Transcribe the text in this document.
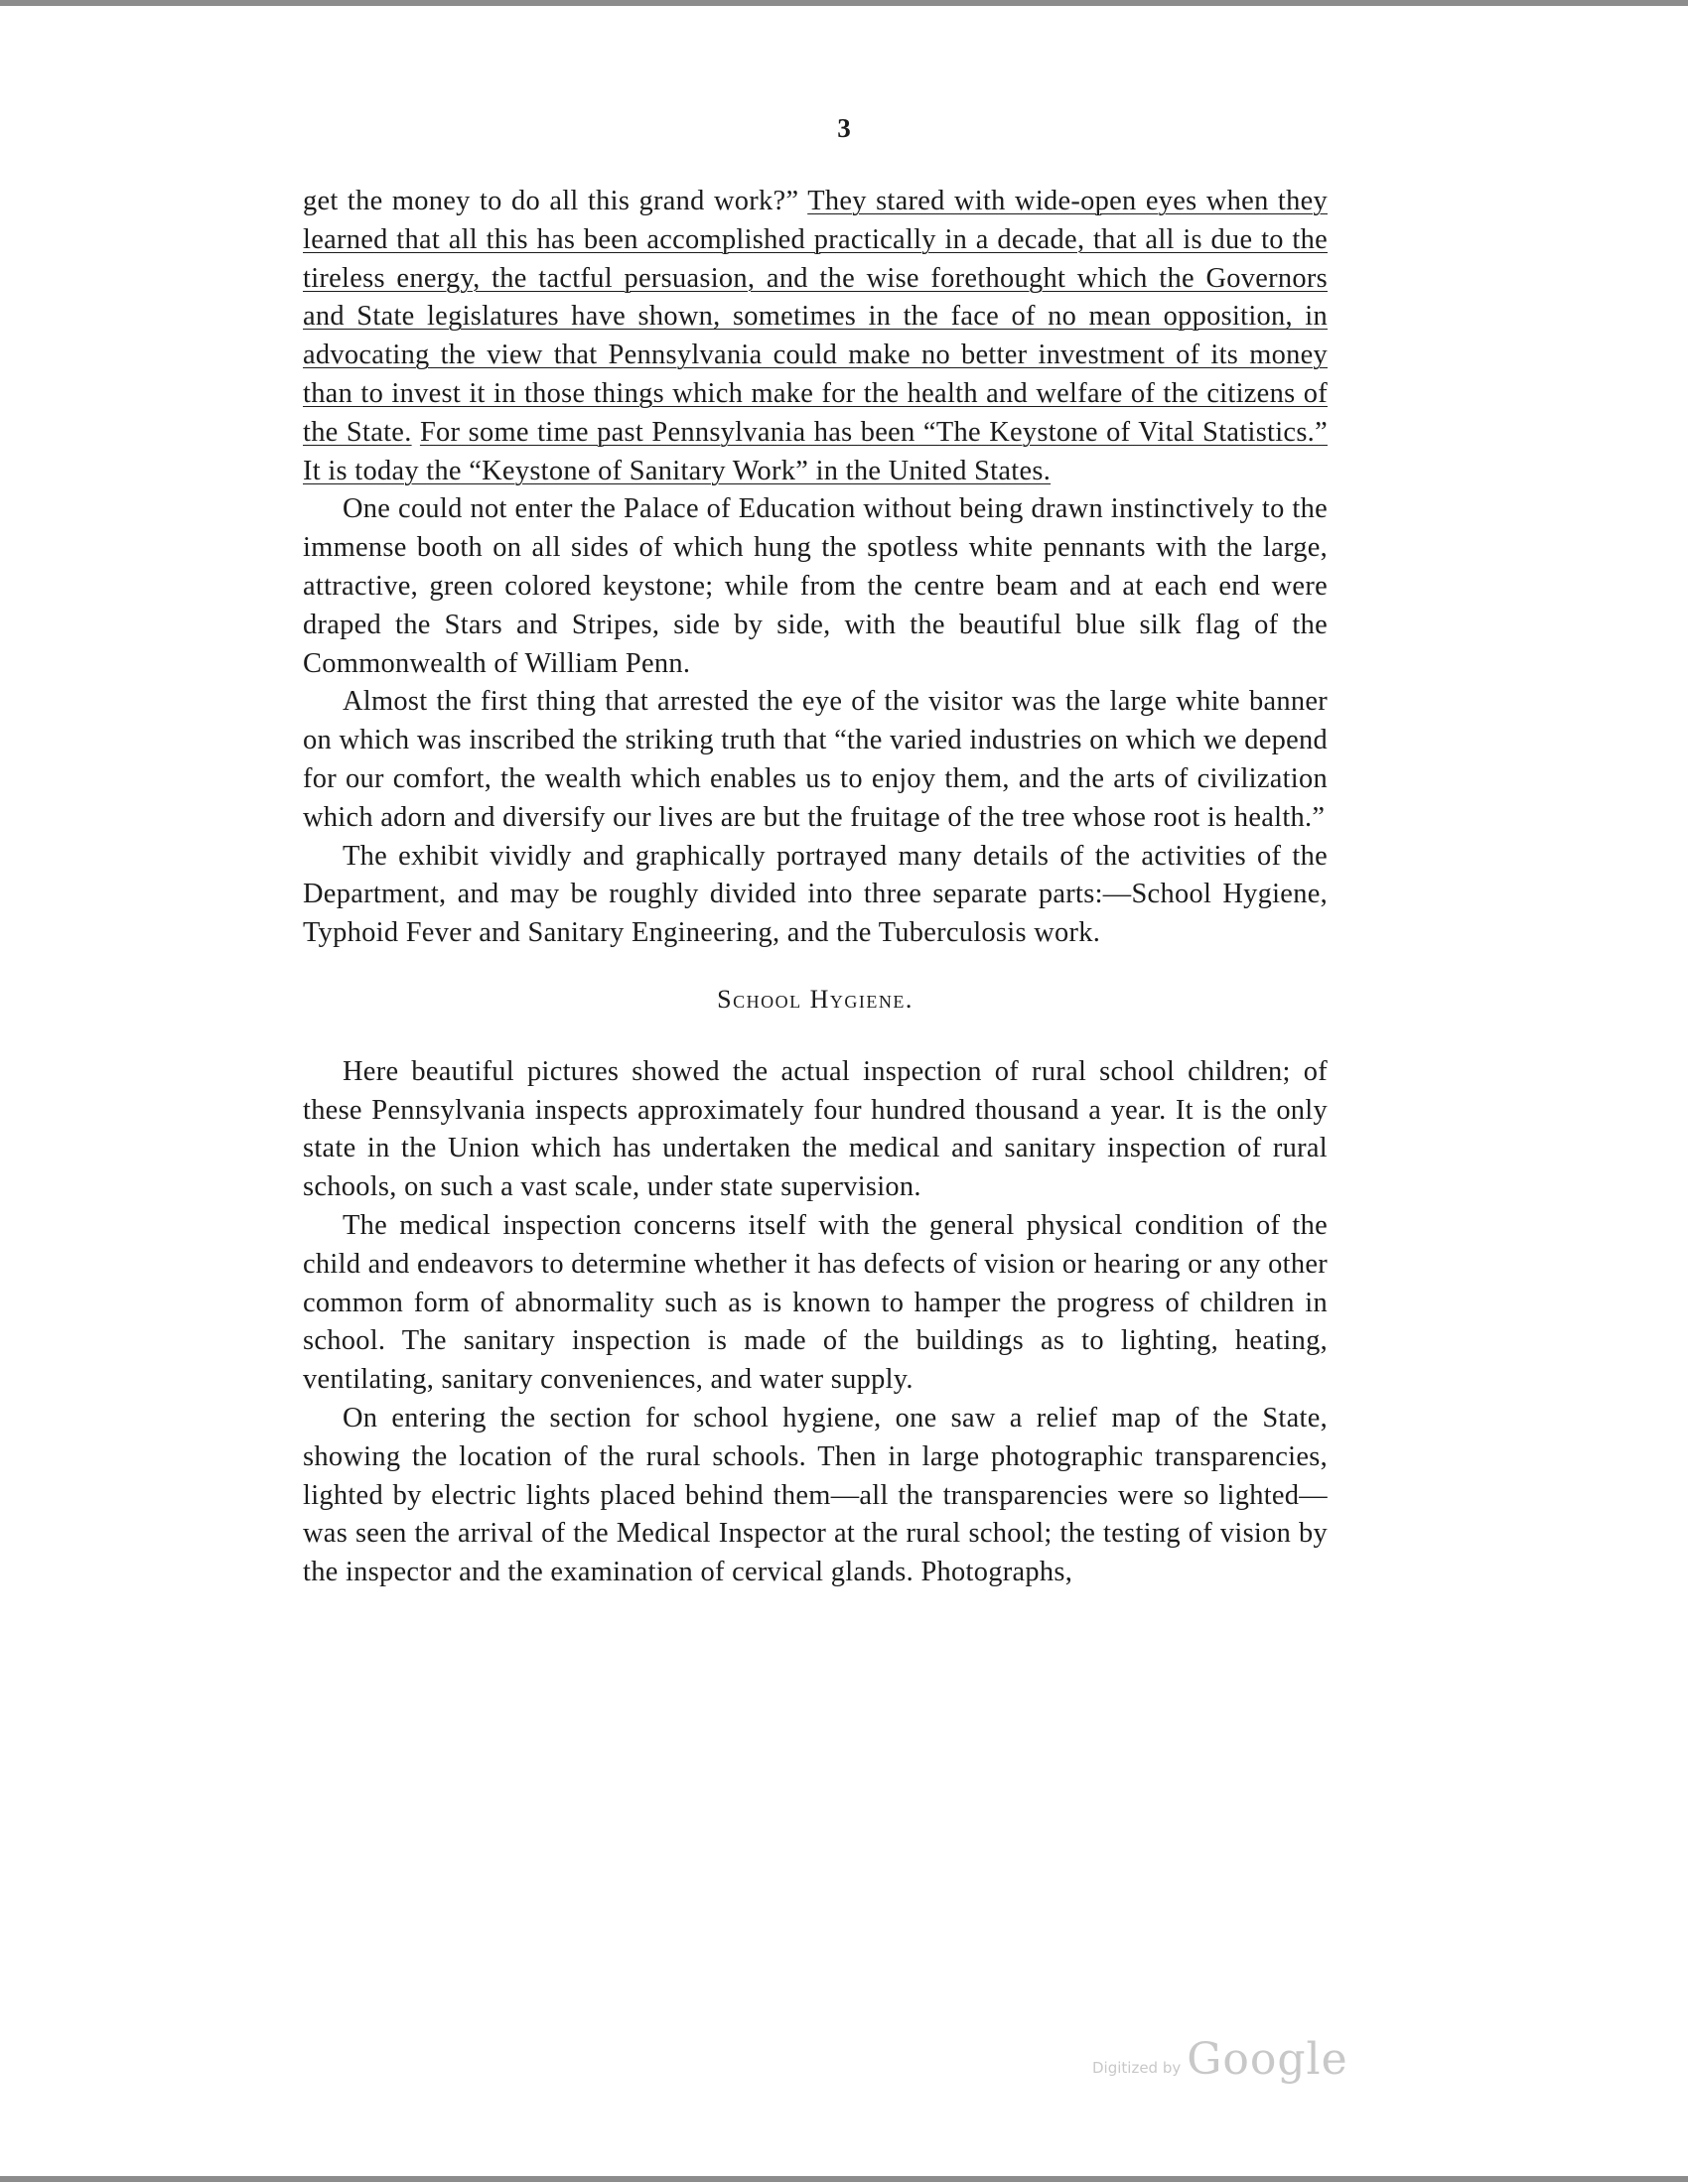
3

get the money to do all this grand work?” They stared with wide-open eyes when they learned that all this has been accomplished practically in a decade, that all is due to the tireless energy, the tactful persuasion, and the wise forethought which the Governors and State legislatures have shown, sometimes in the face of no mean opposition, in advocating the view that Pennsylvania could make no better investment of its money than to invest it in those things which make for the health and welfare of the citizens of the State. For some time past Pennsylvania has been “The Keystone of Vital Statistics.” It is today the “Keystone of Sanitary Work” in the United States.

One could not enter the Palace of Education without being drawn instinctively to the immense booth on all sides of which hung the spotless white pennants with the large, attractive, green colored keystone; while from the centre beam and at each end were draped the Stars and Stripes, side by side, with the beautiful blue silk flag of the Commonwealth of William Penn.

Almost the first thing that arrested the eye of the visitor was the large white banner on which was inscribed the striking truth that “the varied industries on which we depend for our comfort, the wealth which enables us to enjoy them, and the arts of civilization which adorn and diversify our lives are but the fruitage of the tree whose root is health.”

The exhibit vividly and graphically portrayed many details of the activities of the Department, and may be roughly divided into three separate parts:—School Hygiene, Typhoid Fever and Sanitary Engineering, and the Tuberculosis work.

School Hygiene.

Here beautiful pictures showed the actual inspection of rural school children; of these Pennsylvania inspects approximately four hundred thousand a year. It is the only state in the Union which has undertaken the medical and sanitary inspection of rural schools, on such a vast scale, under state supervision.

The medical inspection concerns itself with the general physical condition of the child and endeavors to determine whether it has defects of vision or hearing or any other common form of abnormality such as is known to hamper the progress of children in school. The sanitary inspection is made of the buildings as to lighting, heating, ventilating, sanitary conveniences, and water supply.

On entering the section for school hygiene, one saw a relief map of the State, showing the location of the rural schools. Then in large photographic transparencies, lighted by electric lights placed behind them—all the transparencies were so lighted—was seen the arrival of the Medical Inspector at the rural school; the testing of vision by the inspector and the examination of cervical glands. Photographs,

Digitized by Google
